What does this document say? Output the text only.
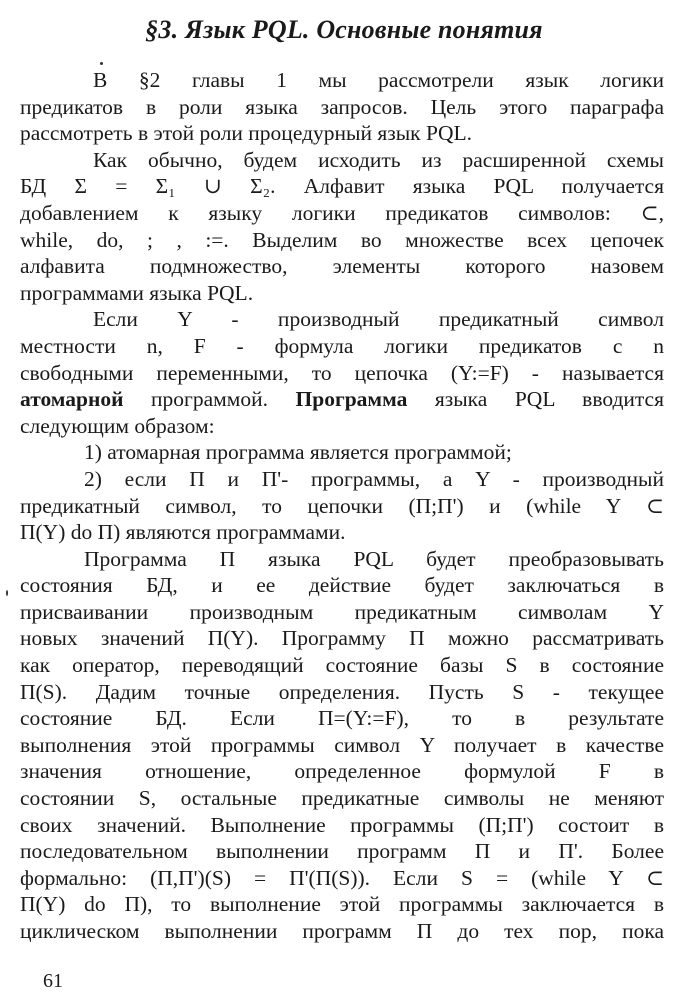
§3. Язык PQL. Основные понятия
В §2 главы 1 мы рассмотрели язык логики
предикатов в роли языка запросов. Цель этого параграфа
рассмотреть в этой роли процедурный язык PQL.
Как обычно, будем исходить из расширенной схемы
БД Σ = Σ₁ ∪ Σ₂. Алфавит языка PQL получается
добавлением к языку логики предикатов символов: ⊂,
while, do, ; , :=. Выделим во множестве всех цепочек
алфавита подмножество, элементы которого назовем
программами языка PQL.
Если Y - производный предикатный символ
местности n, F - формула логики предикатов с n
свободными переменными, то цепочка (Y:=F) - называется
атомарной программой. Программа языка PQL вводится
следующим образом:
1) атомарная программа является программой;
2) если Π и Π'- программы, а Y - производный
предикатный символ, то цепочки (Π;Π') и (while Y ⊂
Π(Y) do Π) являются программами.
Программа Π языка PQL будет преобразовывать
состояния БД, и ее действие будет заключаться в
присваивании производным предикатным символам Y
новых значений Π(Y). Программу Π можно рассматривать
как оператор, переводящий состояние базы S в состояние
Π(S). Дадим точные определения. Пусть S - текущее
состояние БД. Если Π=(Y:=F), то в результате
выполнения этой программы символ Y получает в качестве
значения отношение, определенное формулой F в
состоянии S, остальные предикатные символы не меняют
своих значений. Выполнение программы (Π;Π') состоит в
последовательном выполнении программ Π и Π'. Более
формально: (Π,Π')(S) = Π'(Π(S)). Если S = (while Y ⊂
Π(Y) do Π), то выполнение этой программы заключается в
циклическом выполнении программ Π до тех пор, пока
61
